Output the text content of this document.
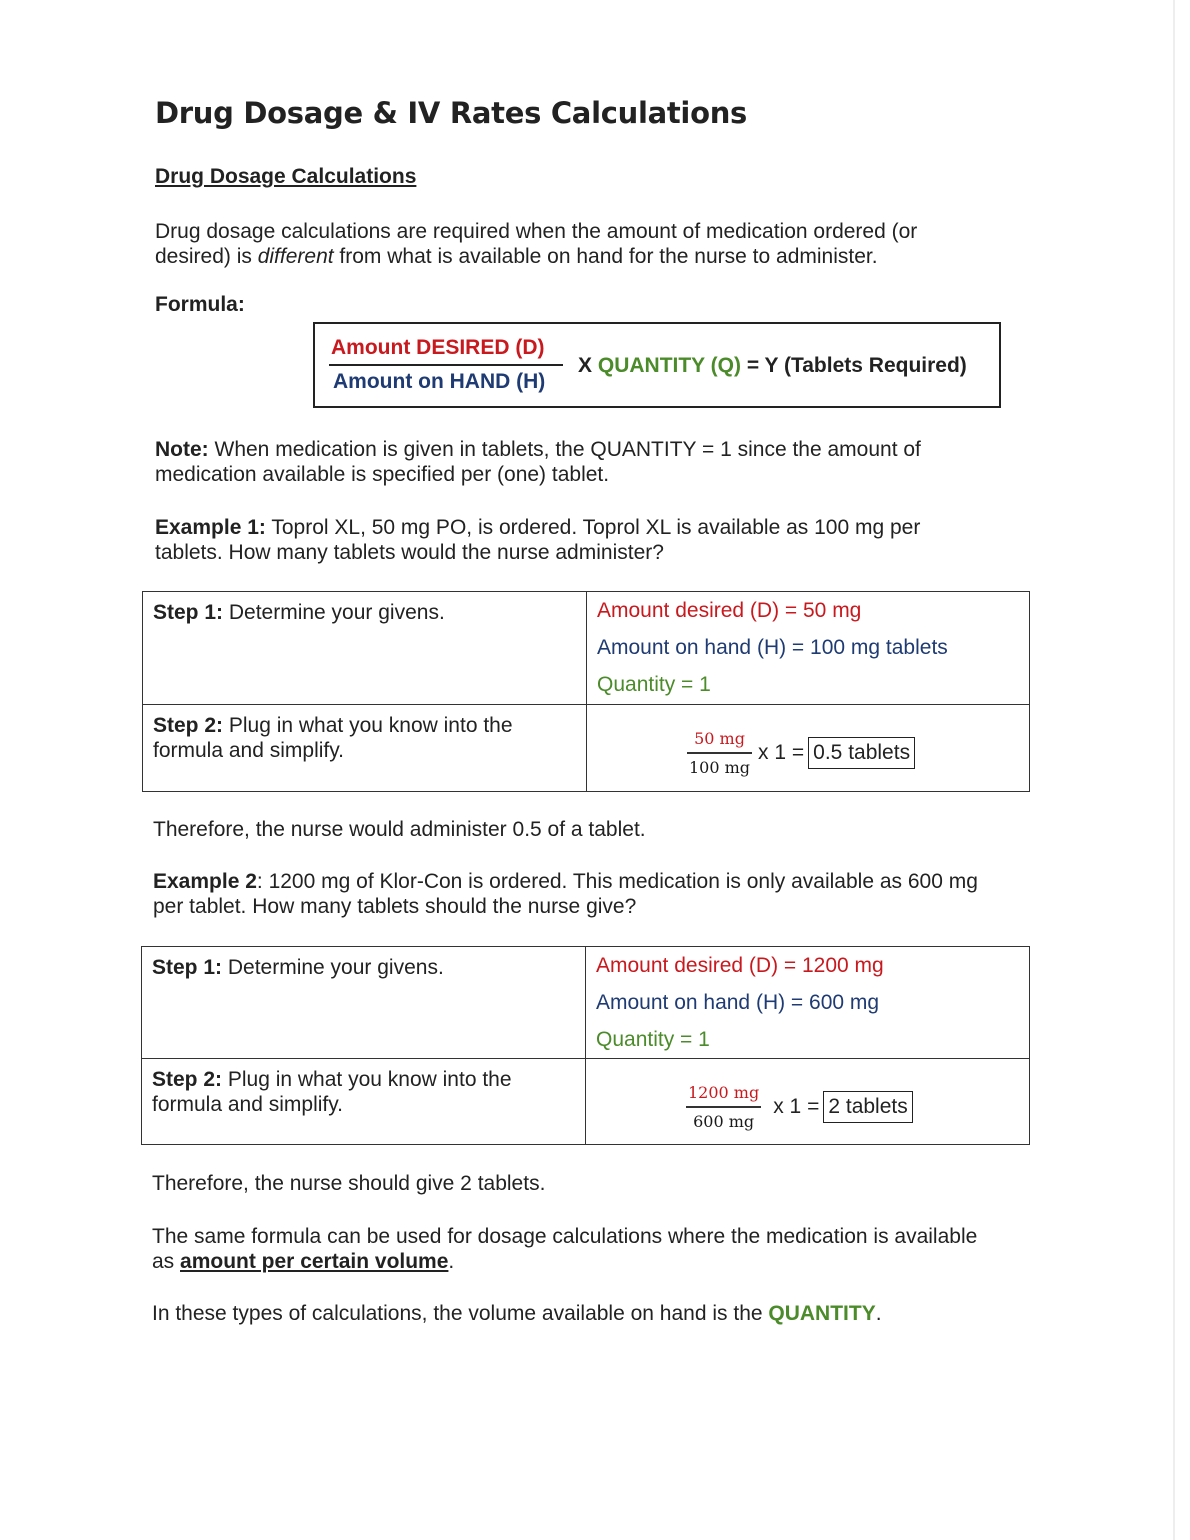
Drug Dosage & IV Rates Calculations
Drug Dosage Calculations

Drug dosage calculations are required when the amount of medication ordered (or desired) is different from what is available on hand for the nurse to administer.

Formula:
Amount DESIRED (D)
Amount on HAND (H)
X QUANTITY (Q) = Y (Tablets Required)

Note: When medication is given in tablets, the QUANTITY = 1 since the amount of medication available is specified per (one) tablet.

Example 1: Toprol XL, 50 mg PO, is ordered. Toprol XL is available as 100 mg per tablets. How many tablets would the nurse administer?

Step 1: Determine your givens.	Amount desired (D) = 50 mg
Amount on hand (H) = 100 mg tablets
Quantity = 1

Step 2: Plug in what you know into the formula and simplify.	$\frac{50 mg}{100 mg}$ x 1 = 0.5 tablets

Therefore, the nurse would administer 0.5 of a tablet.

Example 2: 1200 mg of Klor-Con is ordered. This medication is only available as 600 mg per tablet. How many tablets should the nurse give?

Step 1: Determine your givens.	Amount desired (D) = 1200 mg
Amount on hand (H) = 600 mg
Quantity = 1

Step 2: Plug in what you know into the formula and simplify.	$\frac{1200 mg}{600 mg}$ x 1 = 2 tablets

Therefore, the nurse should give 2 tablets.

The same formula can be used for dosage calculations where the medication is available as amount per certain volume.

In these types of calculations, the volume available on hand is the QUANTITY.
